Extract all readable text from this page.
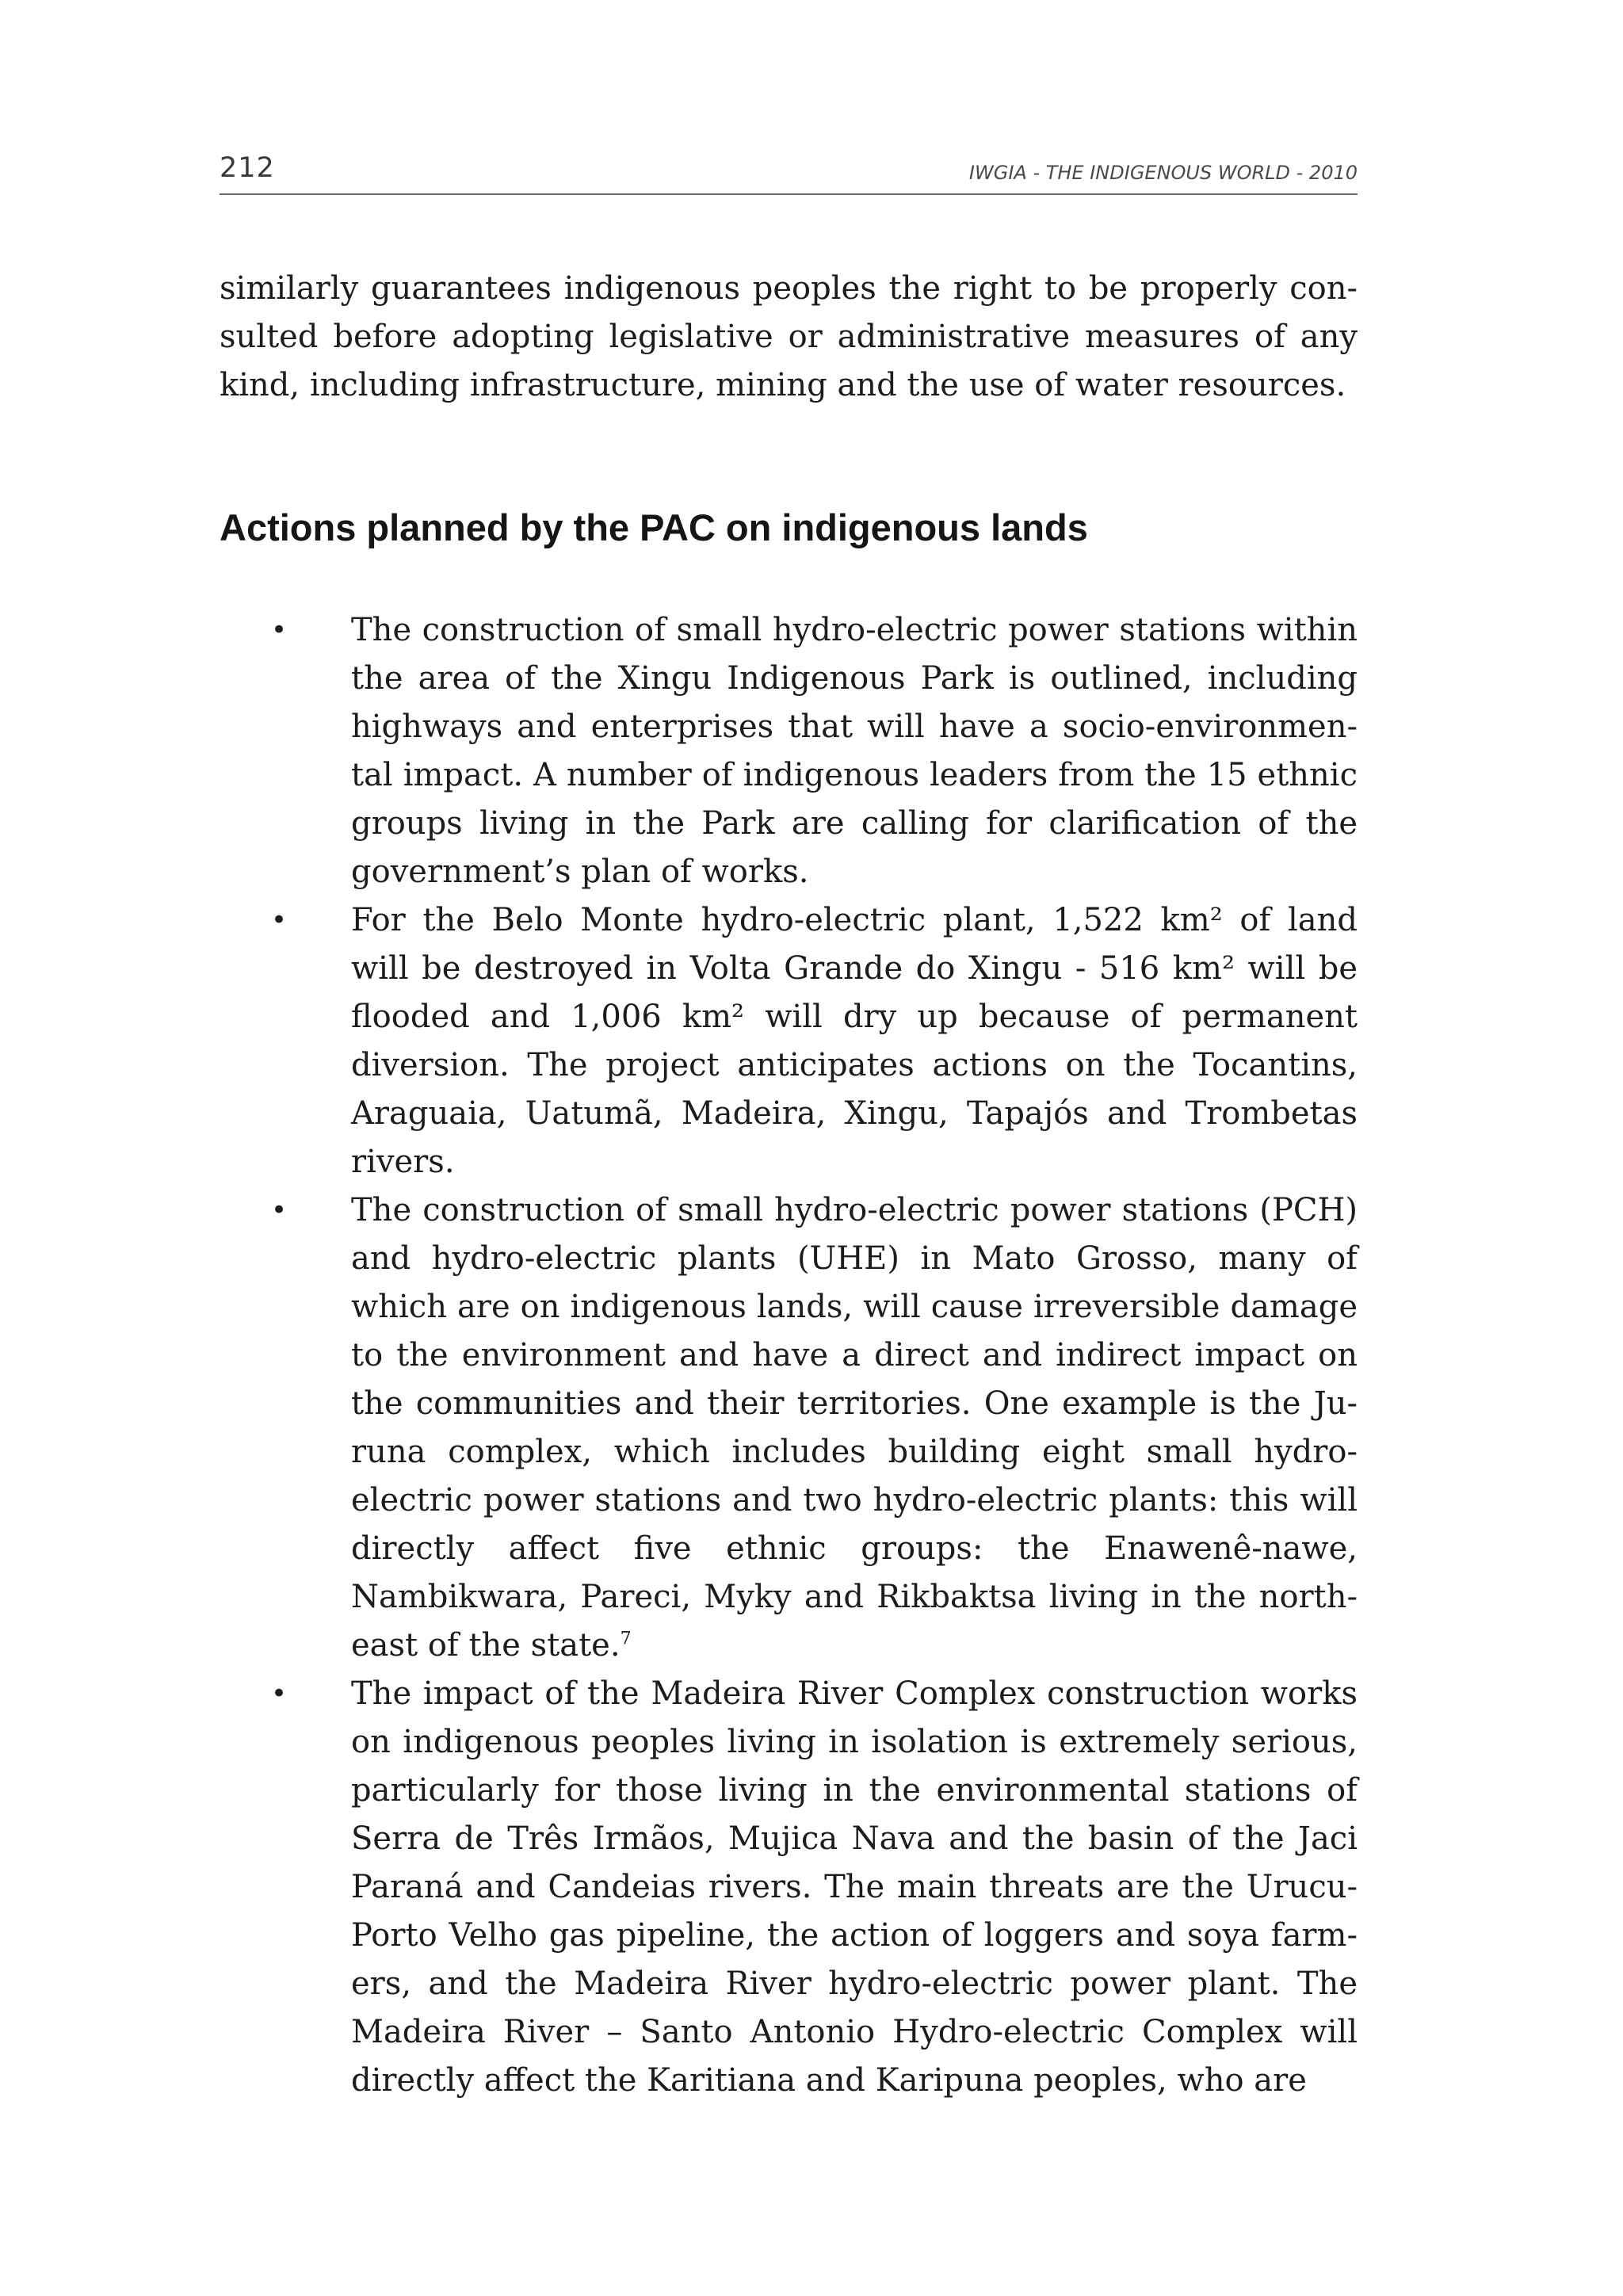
212	IWGIA - THE INDIGENOUS WORLD - 2010

similarly guarantees indigenous peoples the right to be properly consulted before adopting legislative or administrative measures of any kind, including infrastructure, mining and the use of water resources.

Actions planned by the PAC on indigenous lands
• The construction of small hydro-electric power stations within the area of the Xingu Indigenous Park is outlined, including highways and enterprises that will have a socio-environmental impact. A number of indigenous leaders from the 15 ethnic groups living in the Park are calling for clarification of the government’s plan of works.
• For the Belo Monte hydro-electric plant, 1,522 km² of land will be destroyed in Volta Grande do Xingu - 516 km² will be flooded and 1,006 km² will dry up because of permanent diversion. The project anticipates actions on the Tocantins, Araguaia, Uatumã, Madeira, Xingu, Tapajós and Trombetas rivers.
• The construction of small hydro-electric power stations (PCH) and hydro-electric plants (UHE) in Mato Grosso, many of which are on indigenous lands, will cause irreversible damage to the environment and have a direct and indirect impact on the communities and their territories. One example is the Juruna complex, which includes building eight small hydro-electric power stations and two hydro-electric plants: this will directly affect five ethnic groups: the Enawenê-nawe, Nambikwara, Pareci, Myky and Rikbaktsa living in the north-east of the state.$^7$
• The impact of the Madeira River Complex construction works on indigenous peoples living in isolation is extremely serious, particularly for those living in the environmental stations of Serra de Três Irmãos, Mujica Nava and the basin of the Jaci Paraná and Candeias rivers. The main threats are the Urucu-Porto Velho gas pipeline, the action of loggers and soya farmers, and the Madeira River hydro-electric power plant. The Madeira River – Santo Antonio Hydro-electric Complex will directly affect the Karitiana and Karipuna peoples, who are
